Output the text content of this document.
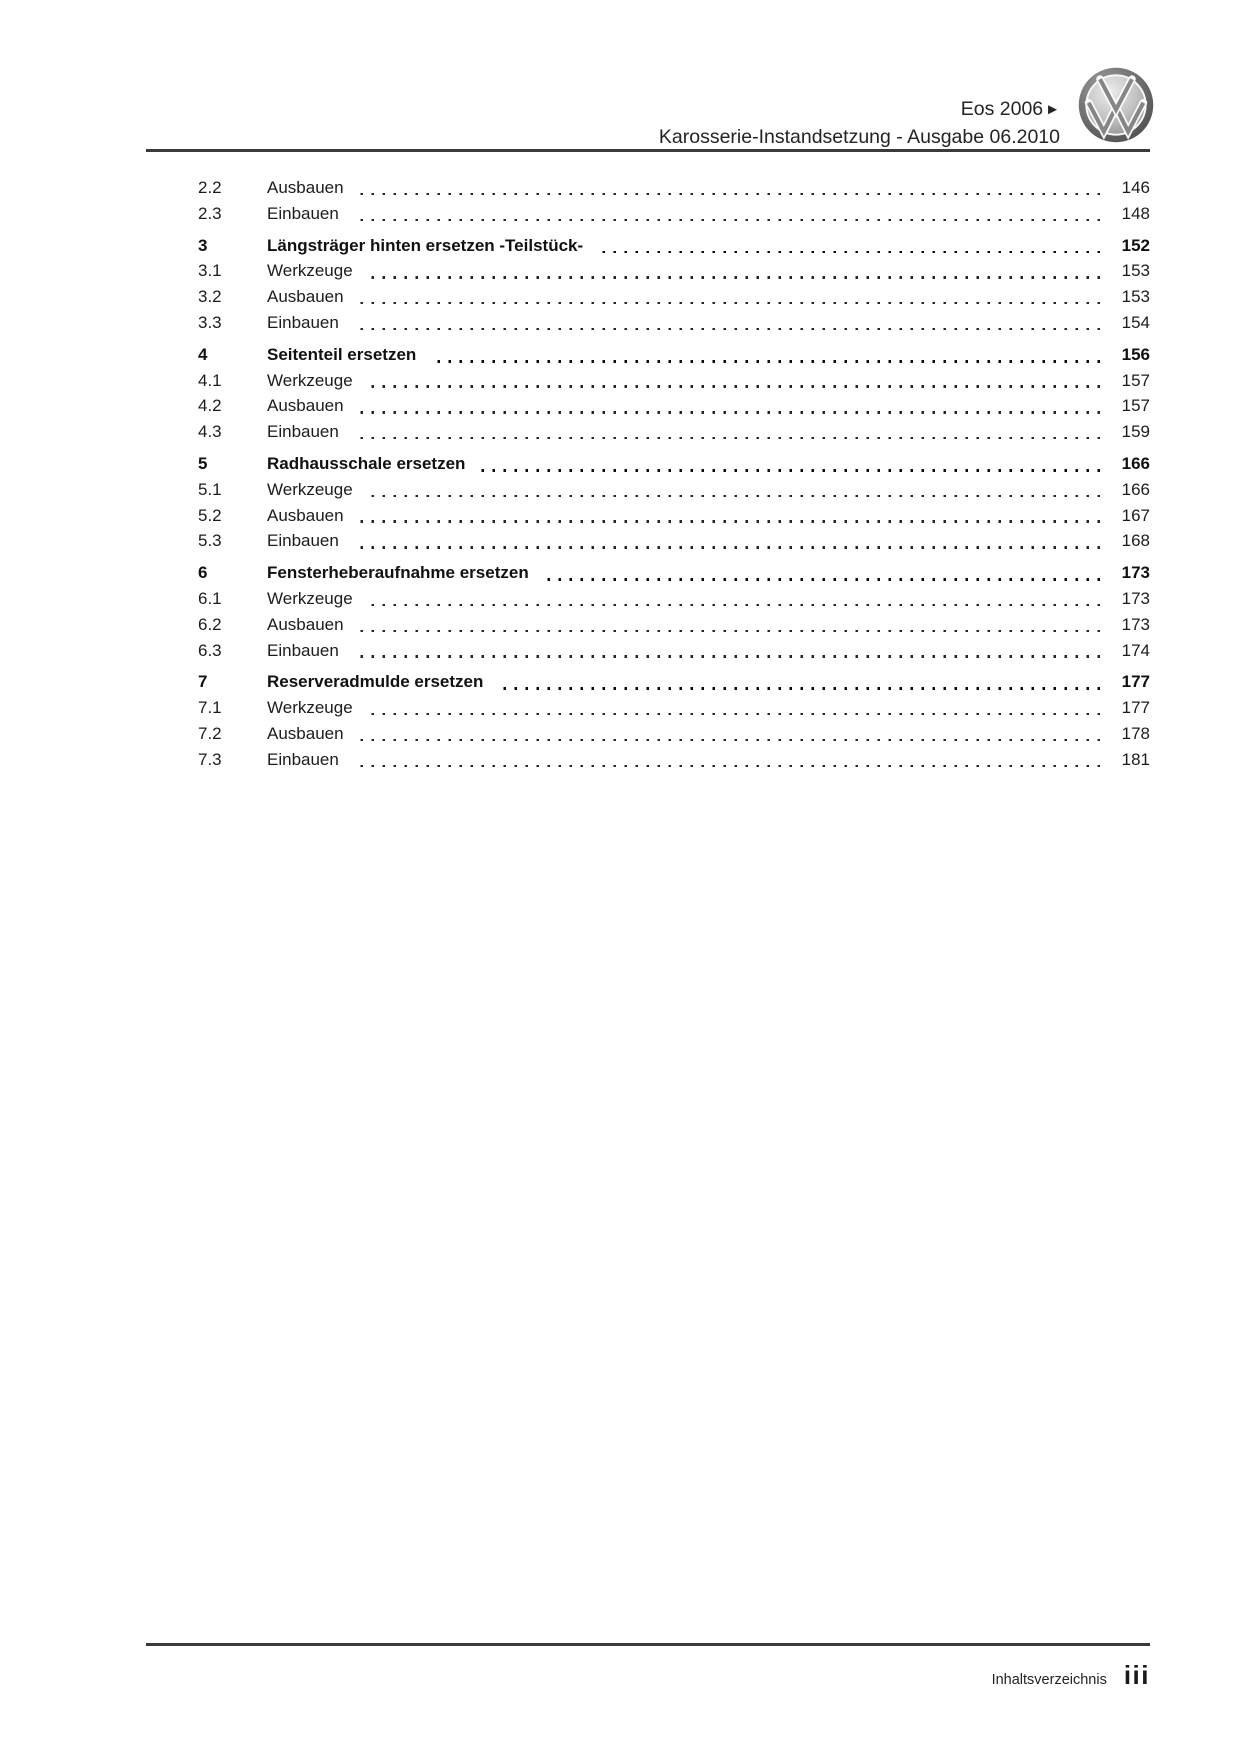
Eos 2006 ►
Karosserie-Instandsetzung - Ausgabe 06.2010
2.2	Ausbauen	146
2.3	Einbauen	148
3	Längsträger hinten ersetzen -Teilstück-	152
3.1	Werkzeuge	153
3.2	Ausbauen	153
3.3	Einbauen	154
4	Seitenteil ersetzen	156
4.1	Werkzeuge	157
4.2	Ausbauen	157
4.3	Einbauen	159
5	Radhausschale ersetzen	166
5.1	Werkzeuge	166
5.2	Ausbauen	167
5.3	Einbauen	168
6	Fensterheberaufnahme ersetzen	173
6.1	Werkzeuge	173
6.2	Ausbauen	173
6.3	Einbauen	174
7	Reserveradmulde ersetzen	177
7.1	Werkzeuge	177
7.2	Ausbauen	178
7.3	Einbauen	181
Inhaltsverzeichnis iii
